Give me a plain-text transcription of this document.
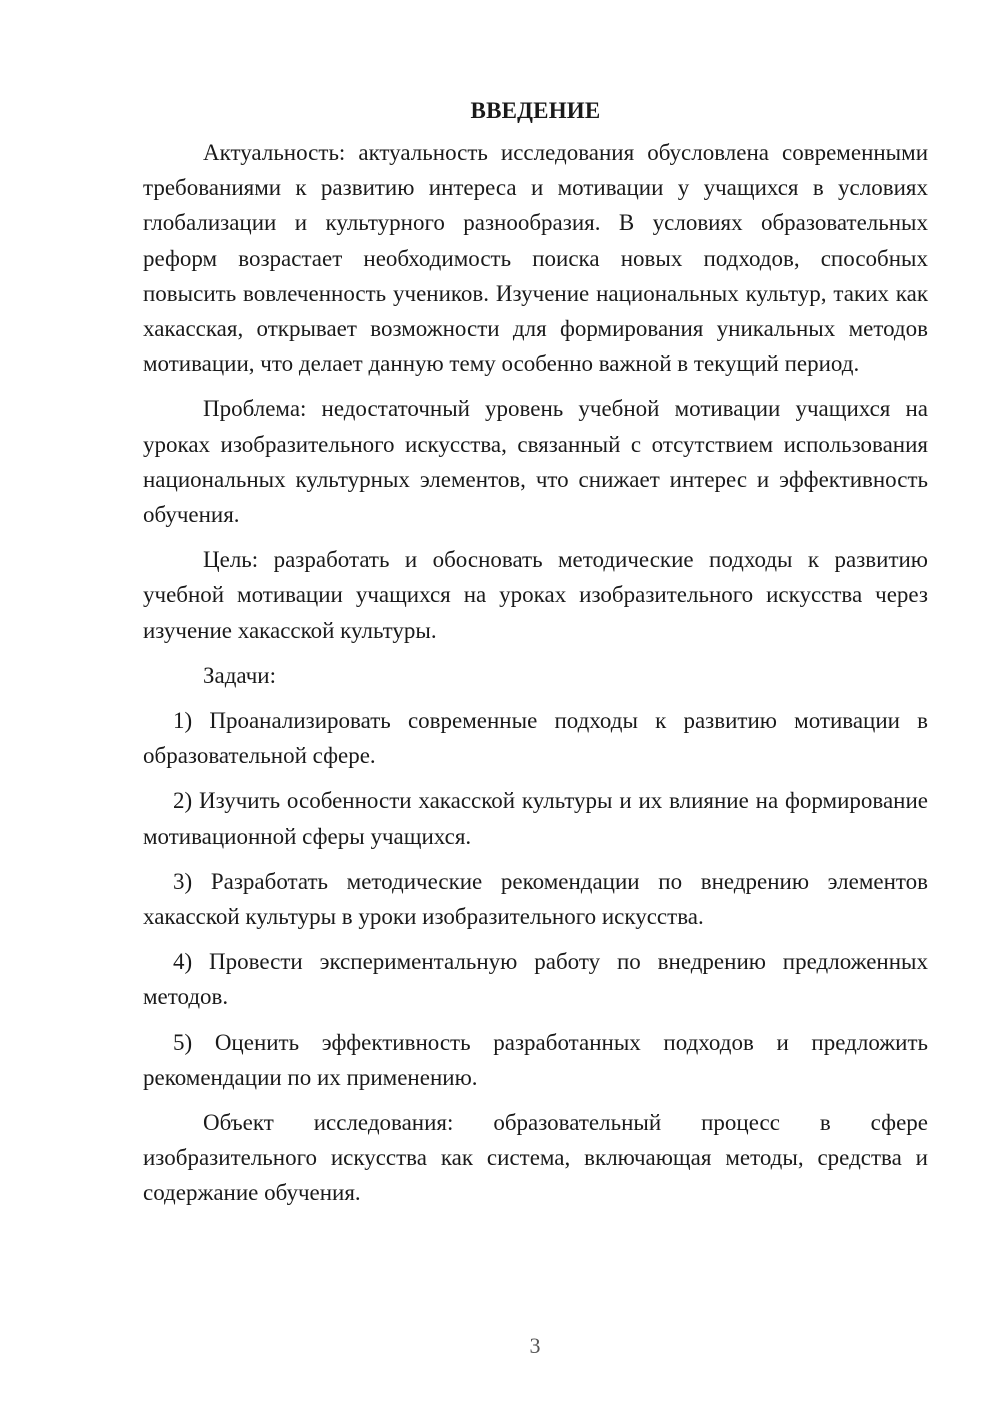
ВВЕДЕНИЕ

Актуальность: актуальность исследования обусловлена современными требованиями к развитию интереса и мотивации у учащихся в условиях глобализации и культурного разнообразия. В условиях образовательных реформ возрастает необходимость поиска новых подходов, способных повысить вовлеченность учеников. Изучение национальных культур, таких как хакасская, открывает возможности для формирования уникальных методов мотивации, что делает данную тему особенно важной в текущий период.

Проблема: недостаточный уровень учебной мотивации учащихся на уроках изобразительного искусства, связанный с отсутствием использования национальных культурных элементов, что снижает интерес и эффективность обучения.

Цель: разработать и обосновать методические подходы к развитию учебной мотивации учащихся на уроках изобразительного искусства через изучение хакасской культуры.

Задачи:

1) Проанализировать современные подходы к развитию мотивации в образовательной сфере.

2) Изучить особенности хакасской культуры и их влияние на формирование мотивационной сферы учащихся.

3) Разработать методические рекомендации по внедрению элементов хакасской культуры в уроки изобразительного искусства.

4) Провести экспериментальную работу по внедрению предложенных методов.

5) Оценить эффективность разработанных подходов и предложить рекомендации по их применению.

Объект исследования: образовательный процесс в сфере изобразительного искусства как система, включающая методы, средства и содержание обучения.

3
